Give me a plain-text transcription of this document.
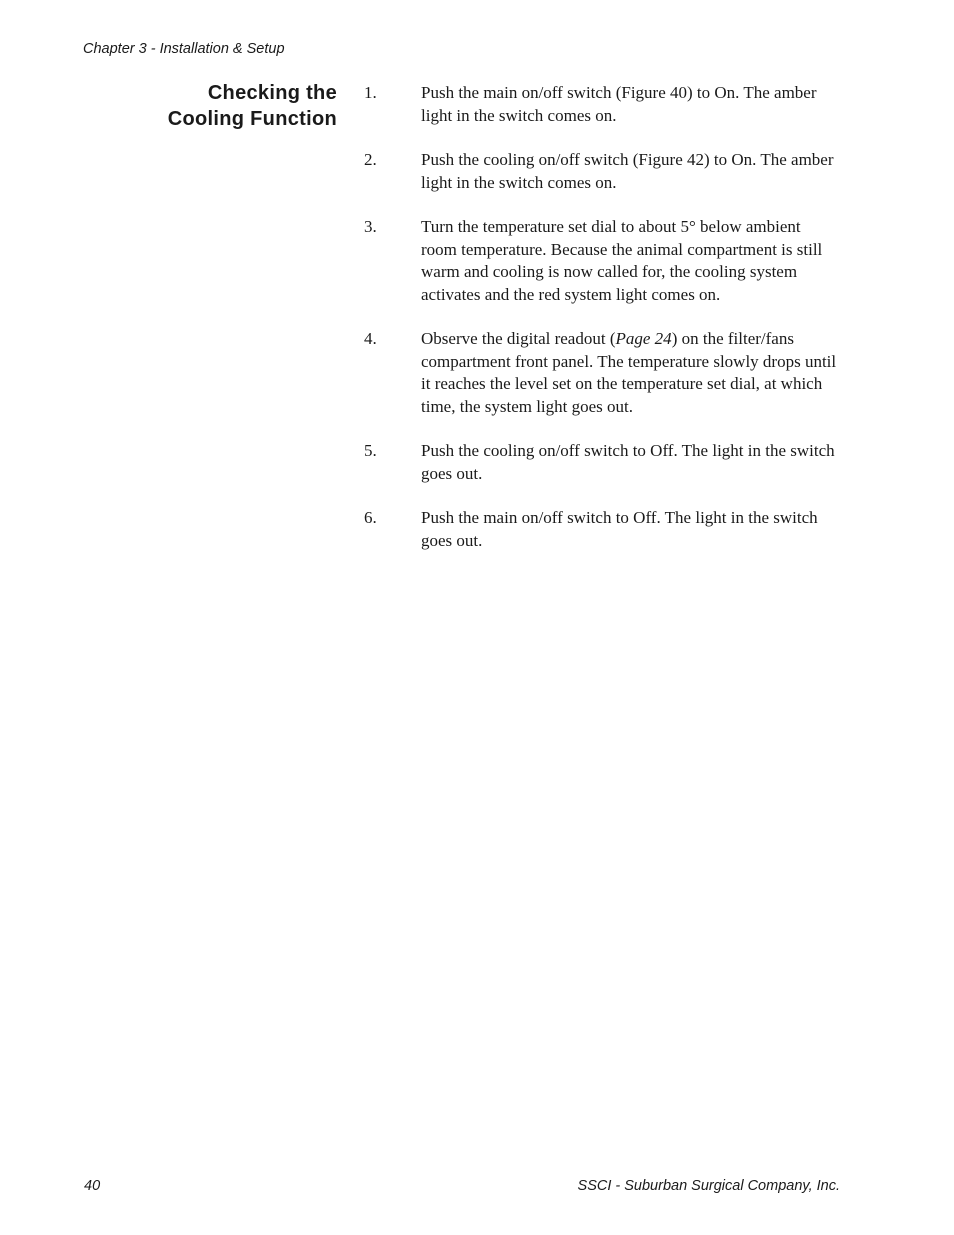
Chapter 3 - Installation & Setup
Checking the
Cooling Function
1.	Push the main on/off switch (Figure 40) to On. The amber light in the switch comes on.
2.	Push the cooling on/off switch (Figure 42) to On. The amber light in the switch comes on.
3.	Turn the temperature set dial to about 5° below ambient room temperature. Because the animal compartment is still warm and cooling is now called for, the cooling system activates and the red system light comes on.
4.	Observe the digital readout (Page 24) on the filter/fans compartment front panel. The temperature slowly drops until it reaches the level set on the temperature set dial, at which time, the system light goes out.
5.	Push the cooling on/off switch to Off. The light in the switch goes out.
6.	Push the main on/off switch to Off. The light in the switch goes out.
40	SSCI - Suburban Surgical Company, Inc.
